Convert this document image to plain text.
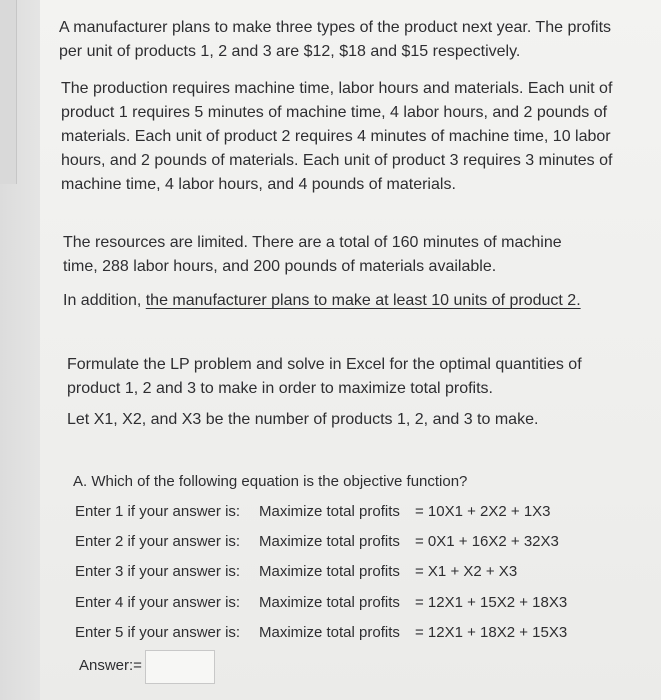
A manufacturer plans to make three types of the product next year. The profits per unit of products 1, 2 and 3 are $12, $18 and $15 respectively.

The production requires machine time, labor hours and materials. Each unit of product 1 requires 5 minutes of machine time, 4 labor hours, and 2 pounds of materials. Each unit of product 2 requires 4 minutes of machine time, 10 labor hours, and 2 pounds of materials. Each unit of product 3 requires 3 minutes of machine time, 4 labor hours, and 4 pounds of materials.

The resources are limited. There are a total of 160 minutes of machine time, 288 labor hours, and 200 pounds of materials available.

In addition, the manufacturer plans to make at least 10 units of product 2.

Formulate the LP problem and solve in Excel for the optimal quantities of product 1, 2 and 3 to make in order to maximize total profits.

Let X1, X2, and X3 be the number of products 1, 2, and 3 to make.

A. Which of the following equation is the objective function?

Enter 1 if your answer is: Maximize total profits = 10X1 + 2X2 + 1X3
Enter 2 if your answer is: Maximize total profits = 0X1 + 16X2 + 32X3
Enter 3 if your answer is: Maximize total profits = X1 + X2 + X3
Enter 4 if your answer is: Maximize total profits = 12X1 + 15X2 + 18X3
Enter 5 if your answer is: Maximize total profits = 12X1 + 18X2 + 15X3
Answer:=
